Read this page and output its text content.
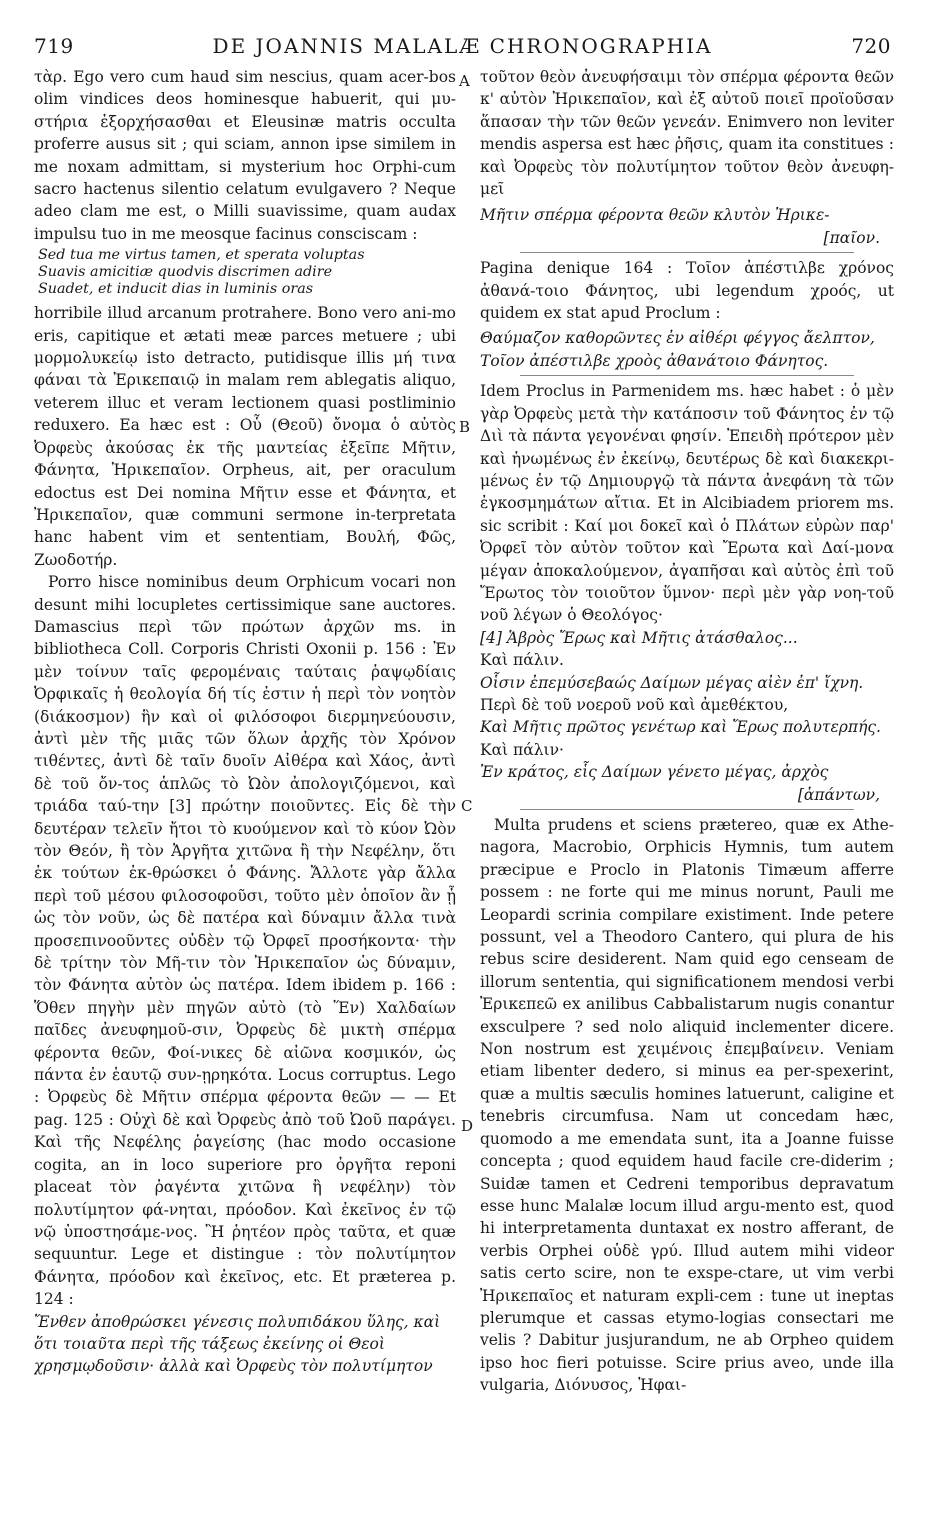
719	DE JOANNIS MALALÆ CHRONOGRAPHIA	720
A
B
C
D

τὰρ. Ego vero cum haud sim nescius, quam acer-bos olim vindices deos hominesque habuerit, qui μυ-στήρια ἐξορχήσασθαι et Eleusinæ matris occulta proferre ausus sit ; qui sciam, annon ipse similem in me noxam admittam, si mysterium hoc Orphi-cum sacro hactenus silentio celatum evulgavero ? Neque adeo clam me est, o Milli suavissime, quam audax impulsu tuo in me meosque facinus consciscam :

Sed tua me virtus tamen, et sperata voluptas
Suavis amicitiæ quodvis discrimen adire
Suadet, et inducit dias in luminis oras

horribile illud arcanum protrahere. Bono vero ani-mo eris, capitique et ætati meæ parces metuere ; ubi μορμολυκείῳ isto detracto, putidisque illis μή τινα φάναι τὰ Ἐρικεπαιῷ in malam rem ablegatis aliquo, veterem illuc et veram lectionem quasi postliminio reduxero. Ea hæc est : Οὗ (Θεοῦ) ὄνομα ὁ αὐτὸς Ὀρφεὺς ἀκούσας ἐκ τῆς μαντείας ἐξεῖπε Μῆτιν, Φάνητα, Ἠρικεπαῖον. Orpheus, ait, per oraculum edoctus est Dei nomina Μῆτιν esse et Φάνητα, et Ἠρικεπαῖον, quæ communi sermone in-terpretata hanc habent vim et sententiam, Βουλή, Φῶς, Ζωοδοτήρ.

Porro hisce nominibus deum Orphicum vocari non desunt mihi locupletes certissimique sane auctores. Damascius περὶ τῶν πρώτων ἀρχῶν ms. in bibliotheca Coll. Corporis Christi Oxonii p. 156 : Ἐν μὲν τοίνυν ταῖς φερομέναις ταύταις ῥαψῳδίαις Ὀρφικαῖς ἡ θεολογία δή τίς ἐστιν ἡ περὶ τὸν νοητὸν (διάκοσμον) ἣν καὶ οἱ φιλόσοφοι διερμηνεύουσιν, ἀντὶ μὲν τῆς μιᾶς τῶν ὅλων ἀρχῆς τὸν Χρόνον τιθέντες, ἀντὶ δὲ ταῖν δυοῖν Αἰθέρα καὶ Χάος, ἀντὶ δὲ τοῦ ὄν-τος ἁπλῶς τὸ Ὠὸν ἀπολογιζόμενοι, καὶ τριάδα ταύ-την [3] πρώτην ποιοῦντες. Εἰς δὲ τὴν δευτέραν τελεῖν ἤτοι τὸ κυούμενον καὶ τὸ κύον Ὠὸν τὸν Θεόν, ἢ τὸν Ἀργῆτα χιτῶνα ἢ τὴν Νεφέλην, ὅτι ἐκ τούτων ἐκ-θρώσκει ὁ Φάνης. Ἄλλοτε γὰρ ἄλλα περὶ τοῦ μέσου φιλοσοφοῦσι, τοῦτο μὲν ὁποῖον ἂν ᾖ ὡς τὸν νοῦν, ὡς δὲ πατέρα καὶ δύναμιν ἄλλα τινὰ προσεπινοοῦντες οὐδὲν τῷ Ὀρφεῖ προσήκοντα· τὴν δὲ τρίτην τὸν Μῆ-τιν τὸν Ἠρικεπαῖον ὡς δύναμιν, τὸν Φάνητα αὐτὸν ὡς πατέρα. Idem ibidem p. 166 : Ὅθεν πηγὴν μὲν πηγῶν αὐτὸ (τὸ Ἕν) Χαλδαίων παῖδες ἀνευφημοῦ-σιν, Ὀρφεὺς δὲ μικτὴ σπέρμα φέροντα θεῶν, Φοί-νικες δὲ αἰῶνα κοσμικόν, ὡς πάντα ἐν ἑαυτῷ συν-ῃρηκότα. Locus corruptus. Lego : Ὀρφεὺς δὲ Μῆτιν σπέρμα φέροντα θεῶν — — Et pag. 125 : Οὐχὶ δὲ καὶ Ὀρφεὺς ἀπὸ τοῦ Ὠοῦ παράγει. Καὶ τῆς Νεφέλης ῥαγείσης (hac modo occasione cogita, an in loco superiore pro ὀργῆτα reponi placeat τὸν ῥαγέντα χιτῶνα ἢ νεφέλην) τὸν πολυτίμητον φά-νηται, πρόοδον. Καὶ ἐκεῖνος ἐν τῷ νῷ ὑποστησάμε-νος. Ἢ ῥητέον πρὸς ταῦτα, et quæ sequuntur. Lege et distingue : τὸν πολυτίμητον Φάνητα, πρόοδον καὶ ἐκεῖνος, etc. Et prætereа p. 124 :

Ἔνθεν ἀποθρώσκει γένεσις πολυπιδάκου ὕλης, καὶ ὅτι τοιαῦτα περὶ τῆς τάξεως ἐκείνης οἱ Θεοὶ χρησμῳδοῦσιν· ἀλλὰ καὶ Ὀρφεὺς τὸν πολυτίμητον

τοῦτον θεὸν ἀνευφήσαιμι τὸν σπέρμα φέροντα θεῶν κ' αὐτὸν Ἠρικεπαῖον, καὶ ἐξ αὐτοῦ ποιεῖ προϊοῦσαν ἅπασαν τὴν τῶν θεῶν γενεάν. Enimvero non leviter mendis aspersa est hæc ῥῆσις, quam ita constitues : καὶ Ὀρφεὺς τὸν πολυτίμητον τοῦτον θεὸν ἀνευφη-μεῖ

Μῆτιν σπέρμα φέροντα θεῶν κλυτὸν Ἠρικε-

[παῖον.

Pagina denique 164 : Τοῖον ἀπέστιλβε χρόνος ἀθανά-τοιο Φάνητος, ubi legendum χροός, ut quidem ex stat apud Proclum :

Θαύμαζον καθορῶντες ἐν αἰθέρι φέγγος ἄελπτον,

Τοῖον ἀπέστιλβε χροὸς ἀθανάτοιο Φάνητος.

Idem Proclus in Parmenidem ms. hæc habet : ὁ μὲν γὰρ Ὀρφεὺς μετὰ τὴν κατάποσιν τοῦ Φάνητος ἐν τῷ Διὶ τὰ πάντα γεγονέναι φησίν. Ἐπειδὴ πρότερον μὲν καὶ ἡνωμένως ἐν ἐκείνῳ, δευτέρως δὲ καὶ διακεκρι-μένως ἐν τῷ Δημιουργῷ τὰ πάντα ἀνεφάνη τὰ τῶν ἐγκοσμημάτων αἴτια. Et in Alcibiadem priorem ms. sic scribit : Καί μοι δοκεῖ καὶ ὁ Πλάτων εὑρὼν παρ' Ὀρφεῖ τὸν αὐτὸν τοῦτον καὶ Ἔρωτα καὶ Δαί-μονα μέγαν ἀποκαλούμενον, ἀγαπῆσαι καὶ αὐτὸς ἐπὶ τοῦ Ἔρωτος τὸν τοιοῦτον ὕμνον· περὶ μὲν γὰρ νοη-τοῦ νοῦ λέγων ὁ Θεολόγος·

[4] Ἁβρὸς Ἔρως καὶ Μῆτις ἀτάσθαλος...

Καὶ πάλιν.

Οἷσιν ἐπεμύσεβαώς Δαίμων μέγας αἰὲν ἐπ' ἴχνη.

Περὶ δὲ τοῦ νοεροῦ νοῦ καὶ ἀμεθέκτου,

Καὶ Μῆτις πρῶτος γενέτωρ καὶ Ἔρως πολυτερπής.

Καὶ πάλιν·

Ἐν κράτος, εἷς Δαίμων γένετο μέγας, ἀρχὸς

[ἁπάντων,

Multa prudens et sciens prætereo, quæ ex Athe-nagora, Macrobio, Orphicis Hymnis, tum autem præcipue e Proclo in Platonis Timæum afferre possem : ne forte qui me minus norunt, Pauli me Leopardi scrinia compilare existiment. Inde petere possunt, vel a Theodoro Cantero, qui plura de his rebus scire desiderent. Nam quid ego censeam de illorum sententia, qui significationem mendosi verbi Ἐρικεπεῶ ex anilibus Cabbalistarum nugis conantur exsculpere ? sed nolo aliquid inclementer dicere. Non nostrum est χειμένοις ἐπεμβαίνειν. Veniam etiam libenter dedero, si minus ea per-spexerint, quæ a multis sæculis homines latuerunt, caligine et tenebris circumfusa. Nam ut concedam hæc, quomodo a me emendata sunt, ita a Joanne fuisse concepta ; quod equidem haud facile cre-diderim ; Suidæ tamen et Cedreni temporibus depravatum esse hunc Malalæ locum illud argu-mento est, quod hi interpretamenta duntaxat ex nostro afferant, de verbis Orphei οὐδὲ γρύ. Illud autem mihi videor satis certo scire, non te exspe-ctare, ut vim verbi Ἠρικεπαῖος et naturam expli-cem : tune ut ineptas plerumque et cassas etymo-logias consectari me velis ? Dabitur jusjurandum, ne ab Orpheo quidem ipso hoc fieri potuisse. Scire prius aveo, unde illa vulgaria, Διόνυσος, Ἡφαι-
